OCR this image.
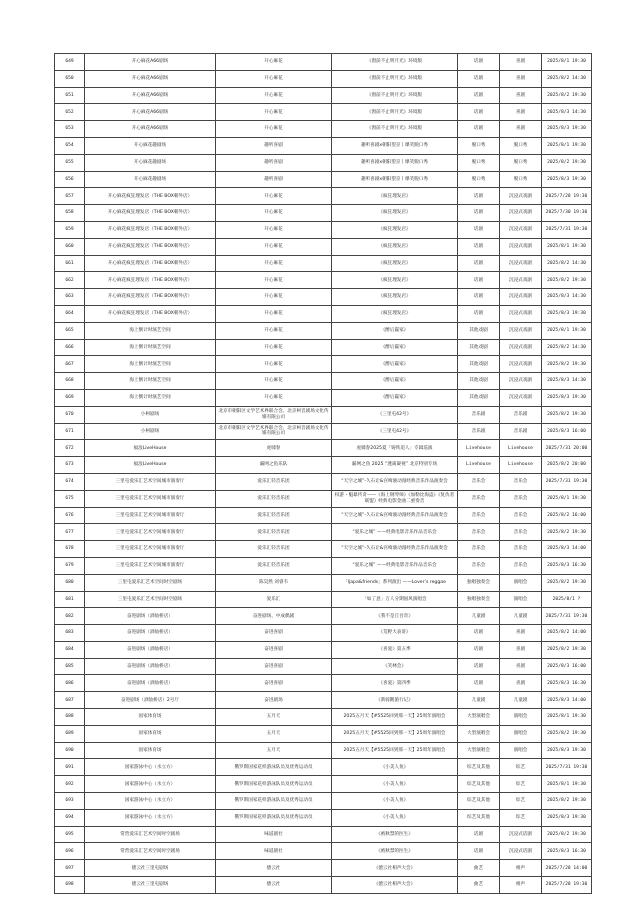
649	开心麻花A66剧场	开心麻花	《窗前不止明月光》环境版	话剧	喜剧	2025/8/1 19:30
650	开心麻花A66剧场	开心麻花	《窗前不止明月光》环境版	话剧	喜剧	2025/8/2 14:30
651	开心麻花A66剧场	开心麻花	《窗前不止明月光》环境版	话剧	喜剧	2025/8/2 19:30
652	开心麻花A66剧场	开心麻花	《窗前不止明月光》环境版	话剧	喜剧	2025/8/3 14:30
653	开心麻花A66剧场	开心麻花	《窗前不止明月光》环境版	话剧	喜剧	2025/8/3 19:30
654	开心麻花趣剧场	趣听喜剧	趣听喜剧x朝阳望京丨爆笑脱口秀	脱口秀	脱口秀	2025/8/1 19:30
655	开心麻花趣剧场	趣听喜剧	趣听喜剧x朝阳望京丨爆笑脱口秀	脱口秀	脱口秀	2025/8/2 19:30
656	开心麻花趣剧场	趣听喜剧	趣听喜剧x朝阳望京丨爆笑脱口秀	脱口秀	脱口秀	2025/8/3 19:30
657	开心麻花疯狂理发店（THE BOX朝外店）	开心麻花	《疯狂理发店》	话剧	沉浸式戏剧	2025/7/28 19:30
658	开心麻花疯狂理发店（THE BOX朝外店）	开心麻花	《疯狂理发店》	话剧	沉浸式戏剧	2025/7/30 19:30
659	开心麻花疯狂理发店（THE BOX朝外店）	开心麻花	《疯狂理发店》	话剧	沉浸式戏剧	2025/7/31 19:30
660	开心麻花疯狂理发店（THE BOX朝外店）	开心麻花	《疯狂理发店》	话剧	沉浸式戏剧	2025/8/1 19:30
661	开心麻花疯狂理发店（THE BOX朝外店）	开心麻花	《疯狂理发店》	话剧	沉浸式戏剧	2025/8/2 14:30
662	开心麻花疯狂理发店（THE BOX朝外店）	开心麻花	《疯狂理发店》	话剧	沉浸式戏剧	2025/8/2 19:30
663	开心麻花疯狂理发店（THE BOX朝外店）	开心麻花	《疯狂理发店》	话剧	沉浸式戏剧	2025/8/3 14:30
664	开心麻花疯狂理发店（THE BOX朝外店）	开心麻花	《疯狂理发店》	话剧	沉浸式戏剧	2025/8/3 19:30
665	海上倒计时演艺空间	开心麻花	《醉后赢家》	其他戏剧	沉浸式戏剧	2025/8/1 19:30
666	海上倒计时演艺空间	开心麻花	《醉后赢家》	其他戏剧	沉浸式戏剧	2025/8/2 14:30
667	海上倒计时演艺空间	开心麻花	《醉后赢家》	其他戏剧	沉浸式戏剧	2025/8/2 19:30
668	海上倒计时演艺空间	开心麻花	《醉后赢家》	其他戏剧	沉浸式戏剧	2025/8/3 14:30
669	海上倒计时演艺空间	开心麻花	《醉后赢家》	其他戏剧	沉浸式戏剧	2025/8/3 19:30
670	小柯剧场	北京市朝阳区文学艺术界联合会、北京柯音剧场文化传媒有限公司	《三里屯42号》	音乐剧	音乐剧	2025/8/2 19:30
671	小柯剧场	北京市朝阳区文学艺术界联合会、北京柯音剧场文化传媒有限公司	《三里屯42号》	音乐剧	音乐剧	2025/8/3 16:00
672	福浪LiveHouse	虎啸春	虎啸春2025夏「铸铁追人」专辑巡演	Livehouse	Livehouse	2025/7/31 20:00
673	福浪LiveHouse	漏网之鱼乐队	漏网之鱼 2025 “透离凝视” 北京特别专场	Livehouse	Livehouse	2025/8/2 20:00
674	三里屯爱乐汇艺术空间城市演奏厅	爱乐汇轻音乐团	“天空之城”-久石让&宫崎骏动漫经典音乐作品演奏会	音乐会	音乐会	2025/7/31 19:30
675	三里屯爱乐汇艺术空间城市演奏厅	爱乐汇轻音乐团	权游・魁暴传奇——《海上钢琴师》《加勒比海盗》《复仇者联盟》经典电影金曲二重奏音	音乐会	音乐会	2025/8/1 19:30
676	三里屯爱乐汇艺术空间城市演奏厅	爱乐汇轻音乐团	“天空之城”-久石让&宫崎骏动漫经典音乐作品演奏会	音乐会	音乐会	2025/8/2 16:00
677	三里屯爱乐汇艺术空间城市演奏厅	爱乐汇轻音乐团	“爱乐之城” ——经典电影音乐作品音乐会	音乐会	音乐会	2025/8/2 19:30
678	三里屯爱乐汇艺术空间城市演奏厅	爱乐汇轻音乐团	“天空之城”-久石让&宫崎骏动漫经典音乐作品演奏会	音乐会	音乐会	2025/8/3 14:00
679	三里屯爱乐汇艺术空间城市演奏厅	爱乐汇轻音乐团	“爱乐之城” ——经典电影音乐作品音乐会	音乐会	音乐会	2025/8/3 16:30
680	三里屯爱乐汇艺术空间时空剧场	陈昊然 刘睿韦	「ljapa&friends」系列演出 ——Lover’s reggae	独唱独奏会	演唱会	2025/8/2 19:30
681	三里屯爱乐汇艺术空间时空剧场	爱乐汇	「如了意」万人分期国风演唱会	独唱独奏会	演唱会	2025/8/1 ?
682	奋进剧场（酒仙桥店）	奋进剧场、中成偶剧	《我不是丘吾奇》	儿童剧	儿童剧	2025/7/31 19:30
683	奋进剧场（酒仙桥店）	奋进喜剧	《荒野大表哥》	话剧	喜剧	2025/8/2 14:00
684	奋进剧场（酒仙桥店）	奋进喜剧	《喜爱》第五季	话剧	喜剧	2025/8/2 19:30
685	奋进剧场（酒仙桥店）	奋进喜剧	《笑林会》	话剧	喜剧	2025/8/3 16:00
686	奋进剧场（酒仙桥店）	奋进喜剧	《喜爱》第四季	话剧	喜剧	2025/8/3 16:30
687	奋进剧场（酒仙桥店）2号厅	奋进剧场	《新骑鹅旅行记》	儿童剧	儿童剧	2025/8/3 14:00
688	国家体育场	五月天	2025五月天【#5525回到那一天】25周年演唱会	大型演唱会	演唱会	2025/8/1 19:30
689	国家体育场	五月天	2025五月天【#5525回到那一天】25周年演唱会	大型演唱会	演唱会	2025/8/2 19:30
690	国家体育场	五月天	2025五月天【#5525回到那一天】25周年演唱会	大型演唱会	演唱会	2025/8/3 19:30
691	国家游泳中心（水立方）	俄罗斯国家花样游泳队员及优秀运动员	《小美人鱼》	综艺及其他	综艺	2025/7/31 19:30
692	国家游泳中心（水立方）	俄罗斯国家花样游泳队员及优秀运动员	《小美人鱼》	综艺及其他	综艺	2025/8/1 19:30
693	国家游泳中心（水立方）	俄罗斯国家花样游泳队员及优秀运动员	《小美人鱼》	综艺及其他	综艺	2025/8/2 19:30
694	国家游泳中心（水立方）	俄罗斯国家花样游泳队员及优秀运动员	《小美人鱼》	综艺及其他	综艺	2025/8/3 19:30
695	常营爱乐汇艺术空间时空剧场	味道剧社	《被秋禁的医生》	话剧	沉浸式话剧	2025/8/2 19:30
696	常营爱乐汇艺术空间时空剧场	味道剧社	《被秋禁的医生》	话剧	沉浸式话剧	2025/8/3 16:30
697	德云社三里屯剧场	德云社	《德云社相声大会》	曲艺	相声	2025/7/28 14:00
698	德云社三里屯剧场	德云社	《德云社相声大会》	曲艺	相声	2025/7/28 19:30
